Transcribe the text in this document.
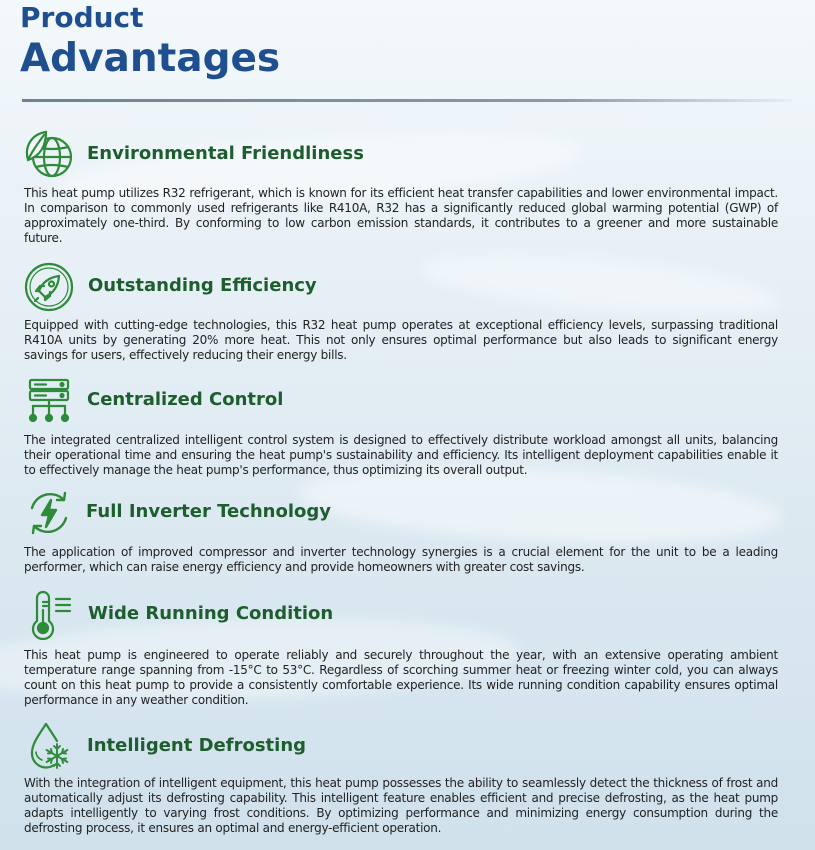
Product
Advantages
Environmental Friendliness
This heat pump utilizes R32 refrigerant, which is known for its efficient heat transfer capabilities and lower environmental impact. In comparison to commonly used refrigerants like R410A, R32 has a significantly reduced global warming potential (GWP) of approximately one-third. By conforming to low carbon emission standards, it contributes to a greener and more sustainable future.
Outstanding Efficiency
Equipped with cutting-edge technologies, this R32 heat pump operates at exceptional efficiency levels, surpassing traditional R410A units by generating 20% more heat. This not only ensures optimal performance but also leads to significant energy savings for users, effectively reducing their energy bills.
Centralized Control
The integrated centralized intelligent control system is designed to effectively distribute workload amongst all units, balancing their operational time and ensuring the heat pump's sustainability and efficiency. Its intelligent deployment capabilities enable it to effectively manage the heat pump's performance, thus optimizing its overall output.
Full Inverter Technology
The application of improved compressor and inverter technology synergies is a crucial element for the unit to be a leading performer, which can raise energy efficiency and provide homeowners with greater cost savings.
Wide Running Condition
This heat pump is engineered to operate reliably and securely throughout the year, with an extensive operating ambient temperature range spanning from -15°C to 53°C. Regardless of scorching summer heat or freezing winter cold, you can always count on this heat pump to provide a consistently comfortable experience. Its wide running condition capability ensures optimal performance in any weather condition.
Intelligent Defrosting
With the integration of intelligent equipment, this heat pump possesses the ability to seamlessly detect the thickness of frost and automatically adjust its defrosting capability. This intelligent feature enables efficient and precise defrosting, as the heat pump adapts intelligently to varying frost conditions. By optimizing performance and minimizing energy consumption during the defrosting process, it ensures an optimal and energy-efficient operation.
